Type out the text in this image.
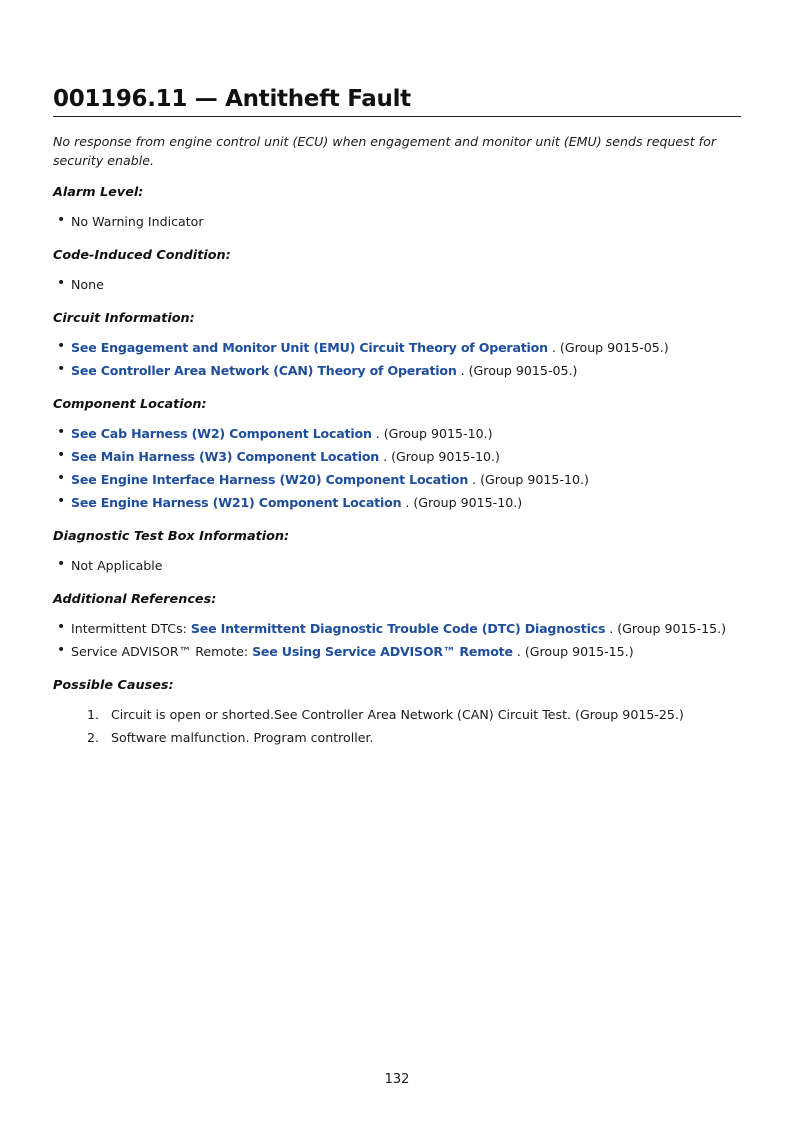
001196.11 — Antitheft Fault

No response from engine control unit (ECU) when engagement and monitor unit (EMU) sends request for security enable.

Alarm Level:
• No Warning Indicator
Code-Induced Condition:
• None
Circuit Information:
• See Engagement and Monitor Unit (EMU) Circuit Theory of Operation . (Group 9015-05.)
• See Controller Area Network (CAN) Theory of Operation . (Group 9015-05.)
Component Location:
• See Cab Harness (W2) Component Location . (Group 9015-10.)
• See Main Harness (W3) Component Location . (Group 9015-10.)
• See Engine Interface Harness (W20) Component Location . (Group 9015-10.)
• See Engine Harness (W21) Component Location . (Group 9015-10.)
Diagnostic Test Box Information:
• Not Applicable
Additional References:
• Intermittent DTCs: See Intermittent Diagnostic Trouble Code (DTC) Diagnostics . (Group 9015-15.)
• Service ADVISOR™ Remote: See Using Service ADVISOR™ Remote . (Group 9015-15.)
Possible Causes:
1. Circuit is open or shorted.See Controller Area Network (CAN) Circuit Test. (Group 9015-25.)
2. Software malfunction. Program controller.
132
